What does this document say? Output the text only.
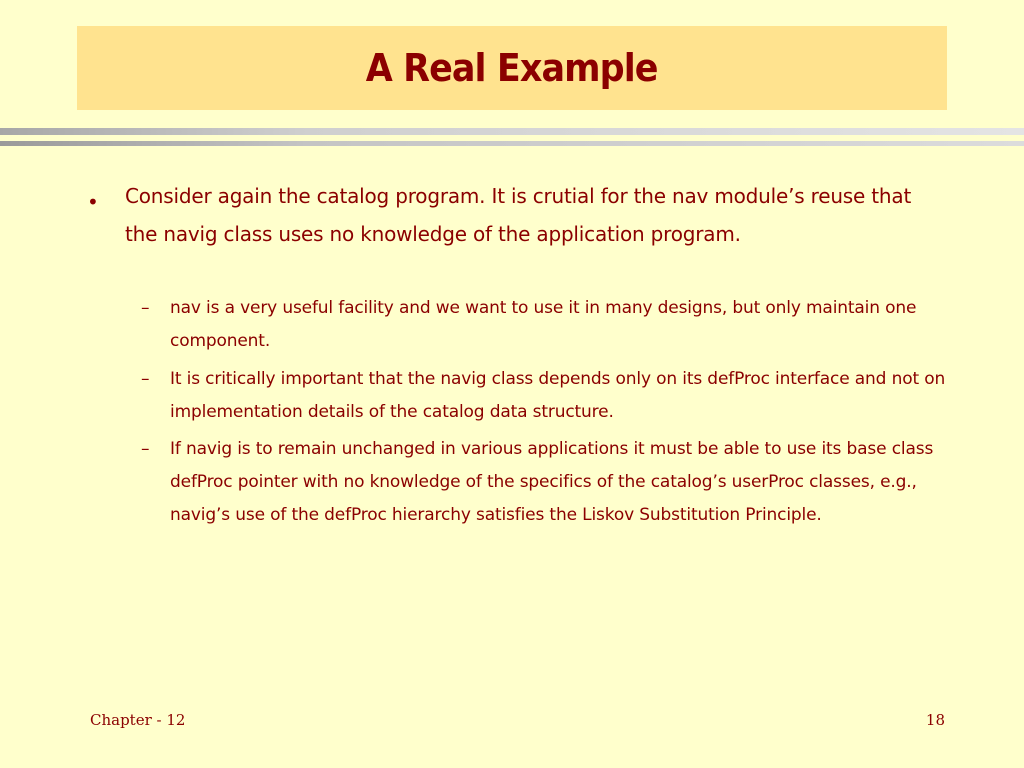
A Real Example
• Consider again the catalog program. It is crutial for the nav module’s reuse that the navig class uses no knowledge of the application program.
– nav is a very useful facility and we want to use it in many designs, but only maintain one component.
– It is critically important that the navig class depends only on its defProc interface and not on implementation details of the catalog data structure.
– If navig is to remain unchanged in various applications it must be able to use its base class defProc pointer with no knowledge of the specifics of the catalog’s userProc classes, e.g., navig’s use of the defProc hierarchy satisfies the Liskov Substitution Principle.
Chapter - 12	18
